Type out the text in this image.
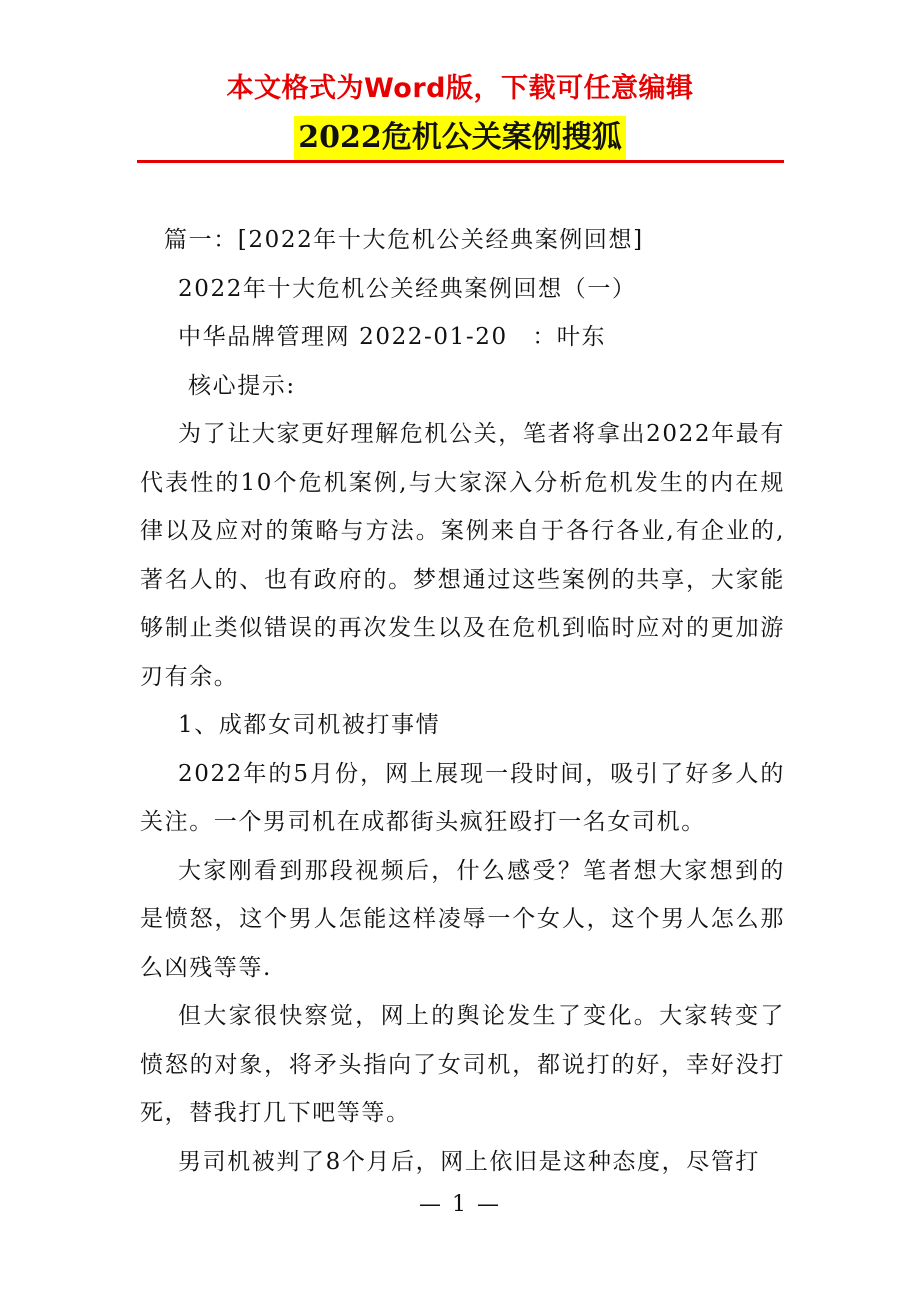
本文格式为Word版，下载可任意编辑
2022危机公关案例搜狐

篇一：[2022年十大危机公关经典案例回想]

2022年十大危机公关经典案例回想（一）

中华品牌管理网 2022-01-20　：叶东

核心提示:

为了让大家更好理解危机公关，笔者将拿出2022年最有代表性的10个危机案例,与大家深入分析危机发生的内在规律以及应对的策略与方法。案例来自于各行各业,有企业的,著名人的、也有政府的。梦想通过这些案例的共享，大家能够制止类似错误的再次发生以及在危机到临时应对的更加游刃有余。

1、成都女司机被打事情

2022年的5月份，网上展现一段时间，吸引了好多人的关注。一个男司机在成都街头疯狂殴打一名女司机。

大家刚看到那段视频后，什么感受？笔者想大家想到的是愤怒，这个男人怎能这样凌辱一个女人，这个男人怎么那么凶残等等.

但大家很快察觉，网上的舆论发生了变化。大家转变了愤怒的对象，将矛头指向了女司机，都说打的好，幸好没打死，替我打几下吧等等。

男司机被判了8个月后，网上依旧是这种态度，尽管打

— 1 —
